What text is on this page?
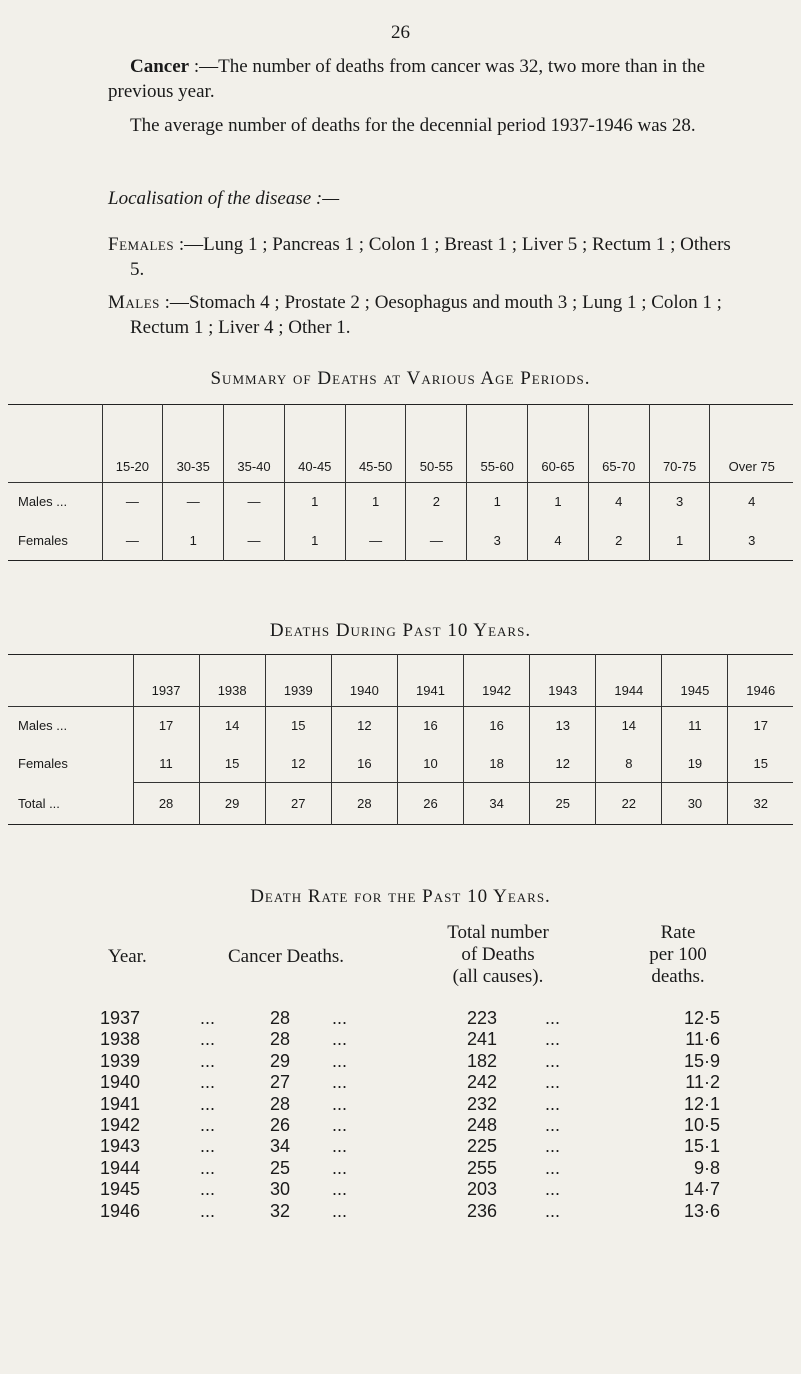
26
Cancer :—The number of deaths from cancer was 32, two more than in the previous year.
The average number of deaths for the decennial period 1937-1946 was 28.
Localisation of the disease :—
Females :—Lung 1 ; Pancreas 1 ; Colon 1 ; Breast 1 ; Liver 5 ; Rectum 1 ; Others 5.
Males :—Stomach 4 ; Prostate 2 ; Oesophagus and mouth 3 ; Lung 1 ; Colon 1 ; Rectum 1 ; Liver 4 ; Other 1.
Summary of Deaths at Various Age Periods.
	15-20	30-35	35-40	40-45	45-50	50-55	55-60	60-65	65-70	70-75	Over 75
Males ...	—	—	—	1	1	2	1	1	4	3	4
Females	—	1	—	1	—	—	3	4	2	1	3
Deaths During Past 10 Years.
	1937	1938	1939	1940	1941	1942	1943	1944	1945	1946
Males ...	17	14	15	12	16	16	13	14	11	17
Females	11	15	12	16	10	18	12	8	19	15
Total ...	28	29	27	28	26	34	25	22	30	32
Death Rate for the Past 10 Years.
Year.	Cancer Deaths.
Total number
of Deaths
(all causes).
Rate
per 100
deaths.
1937	...	28 ...	223	...	12·5
1938	...	28 ...	241	...	11·6
1939	...	29 ...	182	...	15·9
1940	...	27 ...	242	...	11·2
1941	...	28 ...	232	...	12·1
1942	...	26 ...	248	...	10·5
1943	...	34 ...	225	...	15·1
1944	...	25 ...	255	...	9·8
1945	...	30 ...	203	...	14·7
1946	...	32 ...	236	...	13·6
